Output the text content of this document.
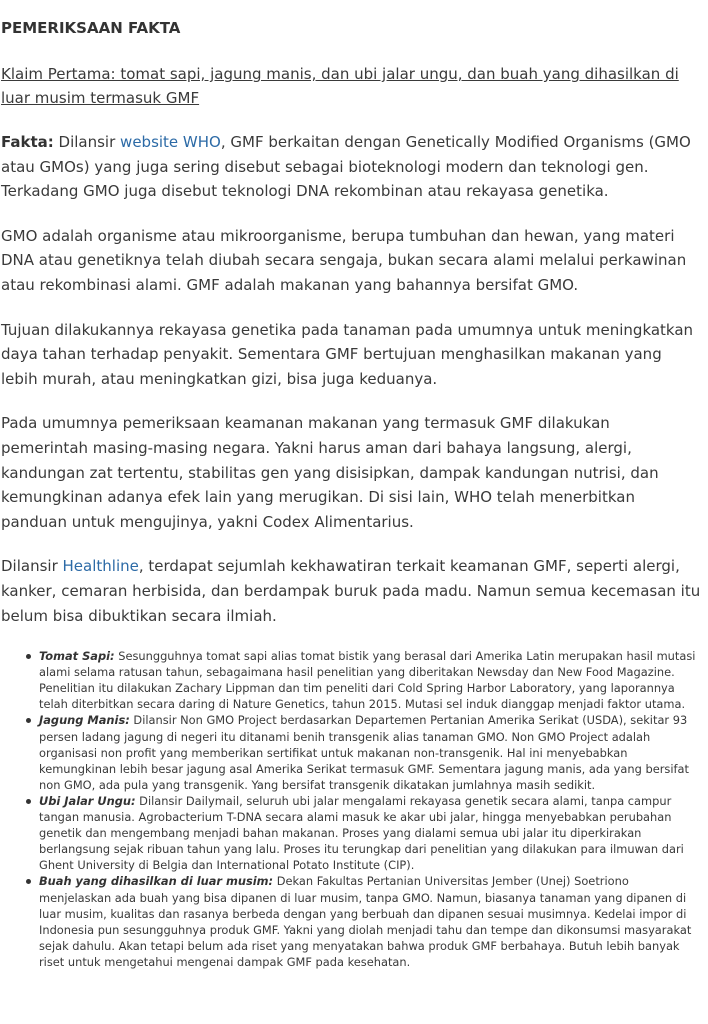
PEMERIKSAAN FAKTA
Klaim Pertama: tomat sapi, jagung manis, dan ubi jalar ungu, dan buah yang dihasilkan di luar musim termasuk GMF

Fakta: Dilansir website WHO, GMF berkaitan dengan Genetically Modified Organisms (GMO atau GMOs) yang juga sering disebut sebagai bioteknologi modern dan teknologi gen. Terkadang GMO juga disebut teknologi DNA rekombinan atau rekayasa genetika.

GMO adalah organisme atau mikroorganisme, berupa tumbuhan dan hewan, yang materi DNA atau genetiknya telah diubah secara sengaja, bukan secara alami melalui perkawinan atau rekombinasi alami. GMF adalah makanan yang bahannya bersifat GMO.

Tujuan dilakukannya rekayasa genetika pada tanaman pada umumnya untuk meningkatkan daya tahan terhadap penyakit. Sementara GMF bertujuan menghasilkan makanan yang lebih murah, atau meningkatkan gizi, bisa juga keduanya.

Pada umumnya pemeriksaan keamanan makanan yang termasuk GMF dilakukan pemerintah masing-masing negara. Yakni harus aman dari bahaya langsung, alergi, kandungan zat tertentu, stabilitas gen yang disisipkan, dampak kandungan nutrisi, dan kemungkinan adanya efek lain yang merugikan. Di sisi lain, WHO telah menerbitkan panduan untuk mengujinya, yakni Codex Alimentarius.

Dilansir Healthline, terdapat sejumlah kekhawatiran terkait keamanan GMF, seperti alergi, kanker, cemaran herbisida, dan berdampak buruk pada madu. Namun semua kecemasan itu belum bisa dibuktikan secara ilmiah.

Tomat Sapi: Sesungguhnya tomat sapi alias tomat bistik yang berasal dari Amerika Latin merupakan hasil mutasi alami selama ratusan tahun, sebagaimana hasil penelitian yang diberitakan Newsday dan New Food Magazine. Penelitian itu dilakukan Zachary Lippman dan tim peneliti dari Cold Spring Harbor Laboratory, yang laporannya telah diterbitkan secara daring di Nature Genetics, tahun 2015. Mutasi sel induk dianggap menjadi faktor utama.
Jagung Manis: Dilansir Non GMO Project berdasarkan Departemen Pertanian Amerika Serikat (USDA), sekitar 93 persen ladang jagung di negeri itu ditanami benih transgenik alias tanaman GMO. Non GMO Project adalah organisasi non profit yang memberikan sertifikat untuk makanan non-transgenik. Hal ini menyebabkan kemungkinan lebih besar jagung asal Amerika Serikat termasuk GMF. Sementara jagung manis, ada yang bersifat non GMO, ada pula yang transgenik. Yang bersifat transgenik dikatakan jumlahnya masih sedikit.
Ubi Jalar Ungu: Dilansir Dailymail, seluruh ubi jalar mengalami rekayasa genetik secara alami, tanpa campur tangan manusia. Agrobacterium T-DNA secara alami masuk ke akar ubi jalar, hingga menyebabkan perubahan genetik dan mengembang menjadi bahan makanan. Proses yang dialami semua ubi jalar itu diperkirakan berlangsung sejak ribuan tahun yang lalu. Proses itu terungkap dari penelitian yang dilakukan para ilmuwan dari Ghent University di Belgia dan International Potato Institute (CIP).
Buah yang dihasilkan di luar musim: Dekan Fakultas Pertanian Universitas Jember (Unej) Soetriono menjelaskan ada buah yang bisa dipanen di luar musim, tanpa GMO. Namun, biasanya tanaman yang dipanen di luar musim, kualitas dan rasanya berbeda dengan yang berbuah dan dipanen sesuai musimnya. Kedelai impor di Indonesia pun sesungguhnya produk GMF. Yakni yang diolah menjadi tahu dan tempe dan dikonsumsi masyarakat sejak dahulu. Akan tetapi belum ada riset yang menyatakan bahwa produk GMF berbahaya. Butuh lebih banyak riset untuk mengetahui mengenai dampak GMF pada kesehatan.
